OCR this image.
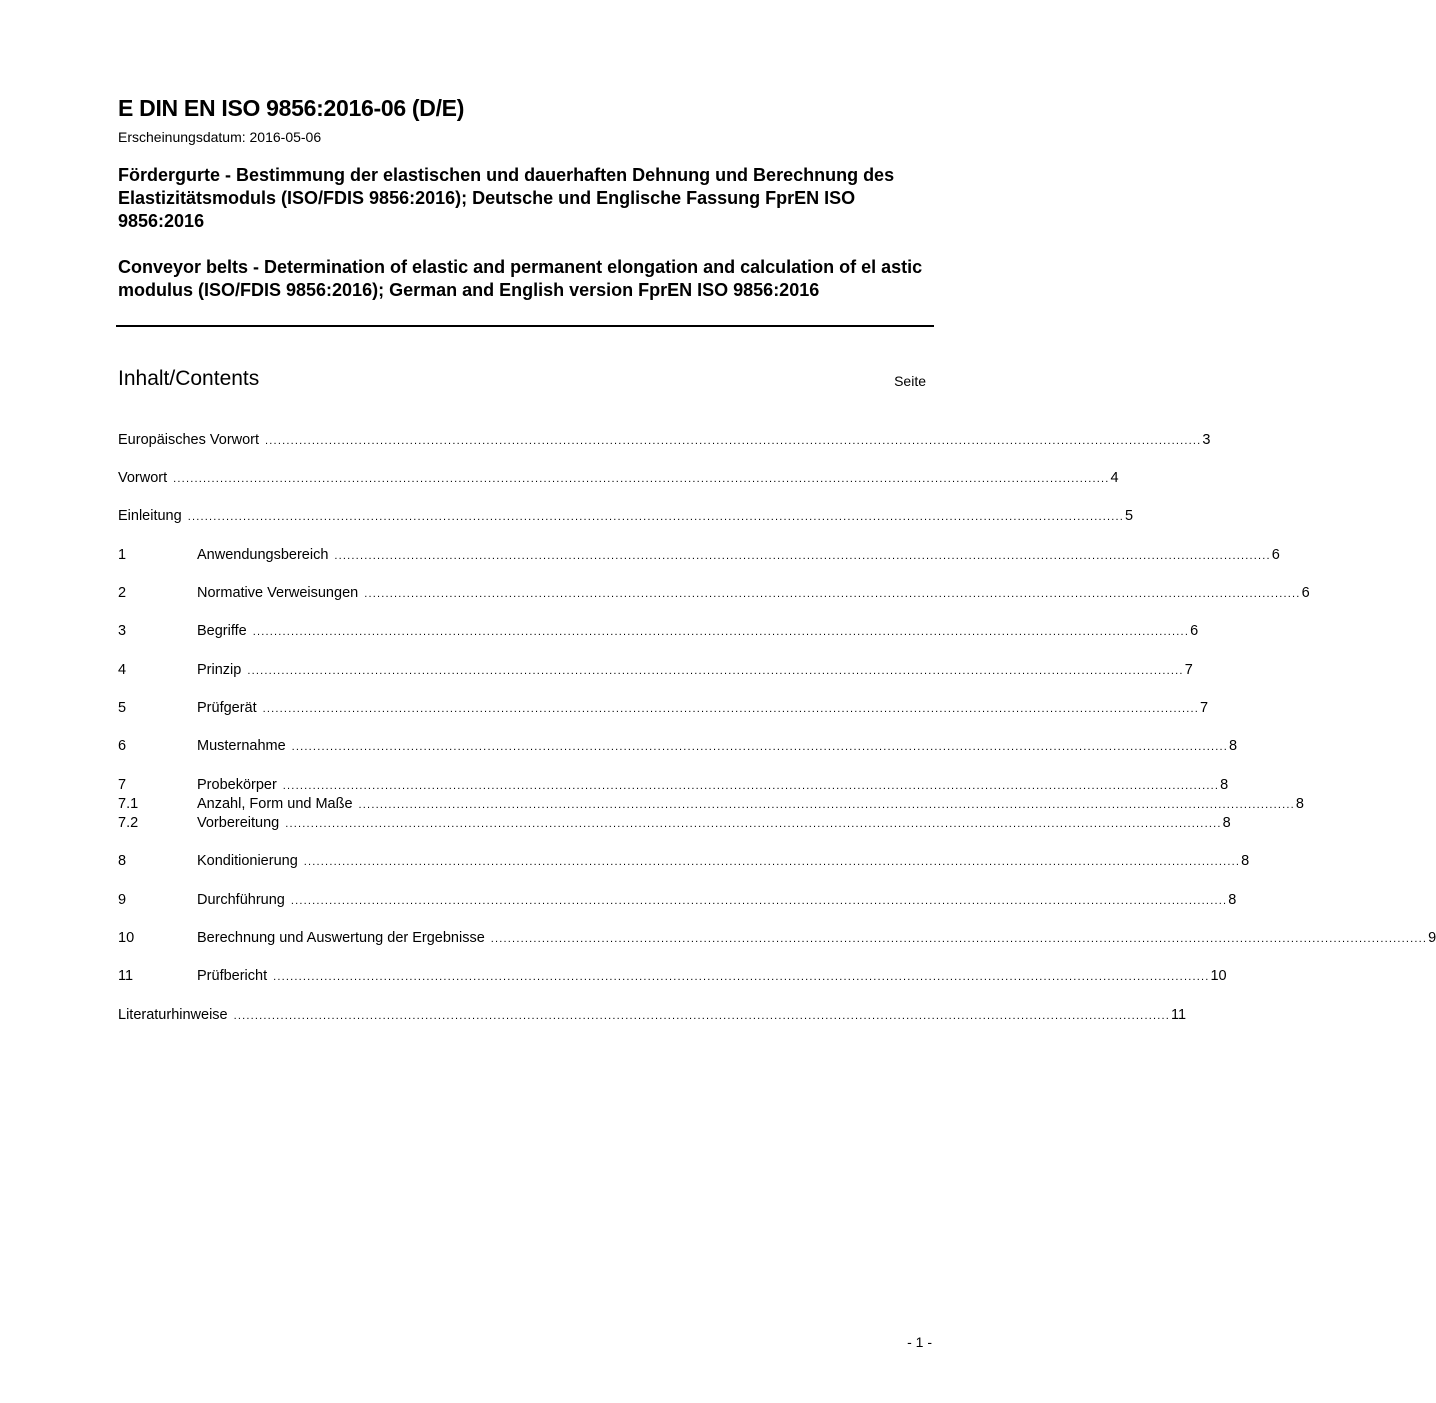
E DIN EN ISO 9856:2016-06 (D/E)
Erscheinungsdatum: 2016-05-06
Fördergurte - Bestimmung der elastischen und dauerhaften Dehnung und Berechnung des Elastizitätsmoduls (ISO/FDIS 9856:2016); Deutsche und Englische Fassung FprEN ISO 9856:2016
Conveyor belts - Determination of elastic and permanent elongation and calculation of el astic modulus (ISO/FDIS 9856:2016); German and English version FprEN ISO 9856:2016
Inhalt/Contents	Seite
Europäisches Vorwort ............................................................................................................................................................................................................................ 3
Vorwort ............................................................................................................................................................................................................................ 4
Einleitung ............................................................................................................................................................................................................................ 5
1	Anwendungsbereich ............................................................................................................................................................................................................................ 6
2	Normative Verweisungen ............................................................................................................................................................................................................................ 6
3	Begriffe ............................................................................................................................................................................................................................ 6
4	Prinzip ............................................................................................................................................................................................................................ 7
5	Prüfgerät ............................................................................................................................................................................................................................ 7
6	Musternahme ............................................................................................................................................................................................................................ 8
7	Probekörper ............................................................................................................................................................................................................................ 8
7.1	Anzahl, Form und Maße ............................................................................................................................................................................................................................ 8
7.2	Vorbereitung ............................................................................................................................................................................................................................ 8
8	Konditionierung ............................................................................................................................................................................................................................ 8
9	Durchführung ............................................................................................................................................................................................................................ 8
10	Berechnung und Auswertung der Ergebnisse ............................................................................................................................................................................................................................ 9
11	Prüfbericht ............................................................................................................................................................................................................................ 10
Literaturhinweise ............................................................................................................................................................................................................................ 11
- 1 -
